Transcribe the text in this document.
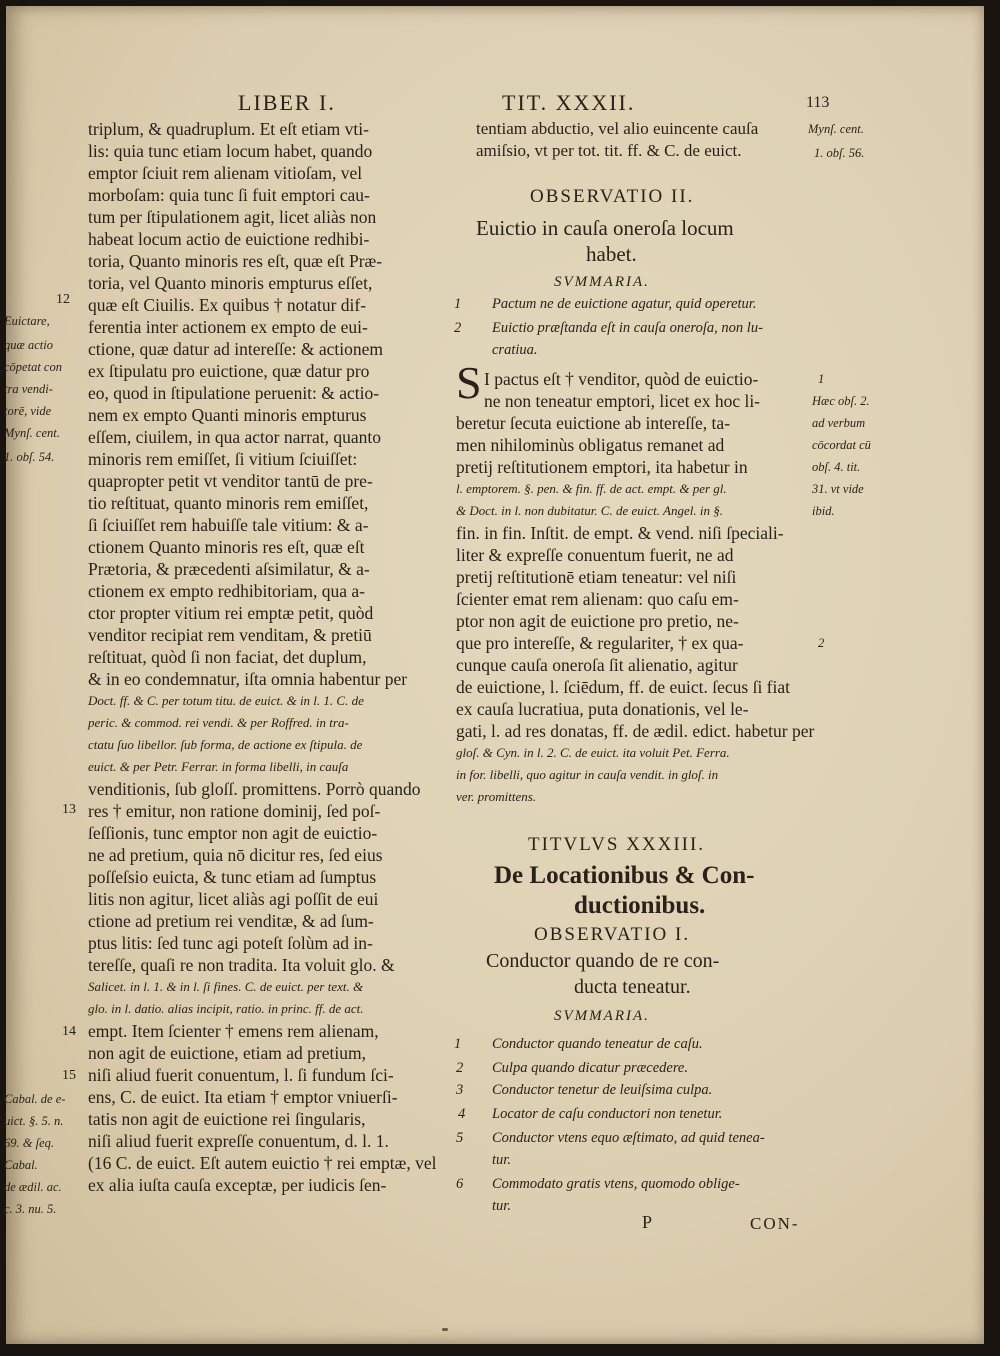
LIBER I.	TIT. XXXII.	113
triplum, & quadruplum. Et eſt etiam vti-
lis: quia tunc etiam locum habet, quando
emptor ſciuit rem alienam vitioſam, vel
morboſam: quia tunc ſi fuit emptori cau-
tum per ſtipulationem agit, licet aliàs non
habeat locum actio de euictione redhibi-
toria, Quanto minoris res eſt, quæ eſt Præ-
toria, vel Quanto minoris empturus eſſet,
quæ eſt Ciuilis. Ex quibus † notatur dif-
ferentia inter actionem ex empto de eui-
ctione, quæ datur ad intereſſe: & actionem
ex ſtipulatu pro euictione, quæ datur pro
eo, quod in ſtipulatione peruenit: & actio-
nem ex empto Quanti minoris empturus
eſſem, ciuilem, in qua actor narrat, quanto
minoris rem emiſſet, ſi vitium ſciuiſſet:
quapropter petit vt venditor tantū de pre-
tio reſtituat, quanto minoris rem emiſſet,
ſi ſciuiſſet rem habuiſſe tale vitium: & a-
ctionem Quanto minoris res eſt, quæ eſt
Prætoria, & præcedenti aſsimilatur, & a-
ctionem ex empto redhibitoriam, qua a-
ctor propter vitium rei emptæ petit, quòd
venditor recipiat rem venditam, & pretiū
reſtituat, quòd ſi non faciat, det duplum,
& in eo condemnatur, iſta omnia habentur per
Doct. ff. & C. per totum titu. de euict. & in l. 1. C. de
peric. & commod. rei vendi. & per Roffred. in tra-
ctatu ſuo libellor. ſub forma, de actione ex ſtipula. de
euict. & per Petr. Ferrar. in forma libelli, in cauſa
venditionis, ſub gloſſ. promittens. Porrò quando
res † emitur, non ratione dominij, ſed poſ-
ſeſſionis, tunc emptor non agit de euictio-
ne ad pretium, quia nō dicitur res, ſed eius
poſſeſsio euicta, & tunc etiam ad ſumptus
litis non agitur, licet aliàs agi poſſit de eui
ctione ad pretium rei venditæ, & ad ſum-
ptus litis: ſed tunc agi poteſt ſolùm ad in-
tereſſe, quaſi re non tradita. Ita voluit glo. &
Salicet. in l. 1. & in l. ſi fines. C. de euict. per text. &
glo. in l. datio. alias incipit, ratio. in princ. ff. de act.
empt. Item ſcienter † emens rem alienam,
non agit de euictione, etiam ad pretium,
niſi aliud fuerit conuentum, l. ſi fundum ſci-
ens, C. de euict. Ita etiam † emptor vniuerſi-
tatis non agit de euictione rei ſingularis,
niſi aliud fuerit expreſſe conuentum, d. l. 1.
(16 C. de euict. Eſt autem euictio † rei emptæ, vel
ex alia iuſta cauſa exceptæ, per iudicis ſen-
12
13
14
15
Euictare,
quæ actio
cōpetat con
tra vendi-
torē, vide
Mynſ. cent.
1. obſ. 54.
Cabal. de e-
uict. §. 5. n.
69. & ſeq.
Cabal.
de ædil. ac.
c. 3. nu. 5.
tentiam abductio, vel alio euincente cauſa
amiſsio, vt per tot. tit. ff. & C. de euict.
Mynſ. cent.
1. obſ. 56.
OBSERVATIO II.
Euictio in cauſa oneroſa locum
habet.
SVMMARIA.
1 Pactum ne de euictione agatur, quid operetur.
2 Euictio præſtanda eſt in cauſa oneroſa, non lu-
cratiua.
S I pactus eſt † venditor, quòd de euictio-
ne non teneatur emptori, licet ex hoc li-
beretur ſecuta euictione ab intereſſe, ta-
men nihilominùs obligatus remanet ad
pretij reſtitutionem emptori, ita habetur in
l. emptorem. §. pen. & fin. ff. de act. empt. & per gl.
& Doct. in l. non dubitatur. C. de euict. Angel. in §.
fin. in fin. Inſtit. de empt. & vend. niſi ſpeciali-
liter & expreſſe conuentum fuerit, ne ad
pretij reſtitutionē etiam teneatur: vel niſi
ſcienter emat rem alienam: quo caſu em-
ptor non agit de euictione pro pretio, ne-
que pro intereſſe, & regulariter, † ex qua-
cunque cauſa oneroſa ſit alienatio, agitur
de euictione, l. ſciēdum, ff. de euict. ſecus ſi fiat
ex cauſa lucratiua, puta donationis, vel le-
gati, l. ad res donatas, ff. de ædil. edict. habetur per
gloſ. & Cyn. in l. 2. C. de euict. ita voluit Pet. Ferra.
in for. libelli, quo agitur in cauſa vendit. in gloſ. in
ver. promittens.
1
Hæc obſ. 2.
ad verbum
cōcordat cū
obſ. 4. tit.
31. vt vide
ibid.
2
TITVLVS XXXIII.
De Locationibus & Con-
ductionibus.
OBSERVATIO I.
Conductor quando de re con-
ducta teneatur.
SVMMARIA.
1 Conductor quando teneatur de caſu.
2 Culpa quando dicatur præcedere.
3 Conductor tenetur de leuiſsima culpa.
4 Locator de caſu conductori non tenetur.
5 Conductor vtens equo æſtimato, ad quid tenea-
tur.
6 Commodato gratis vtens, quomodo oblige-
tur.
P	CON-
